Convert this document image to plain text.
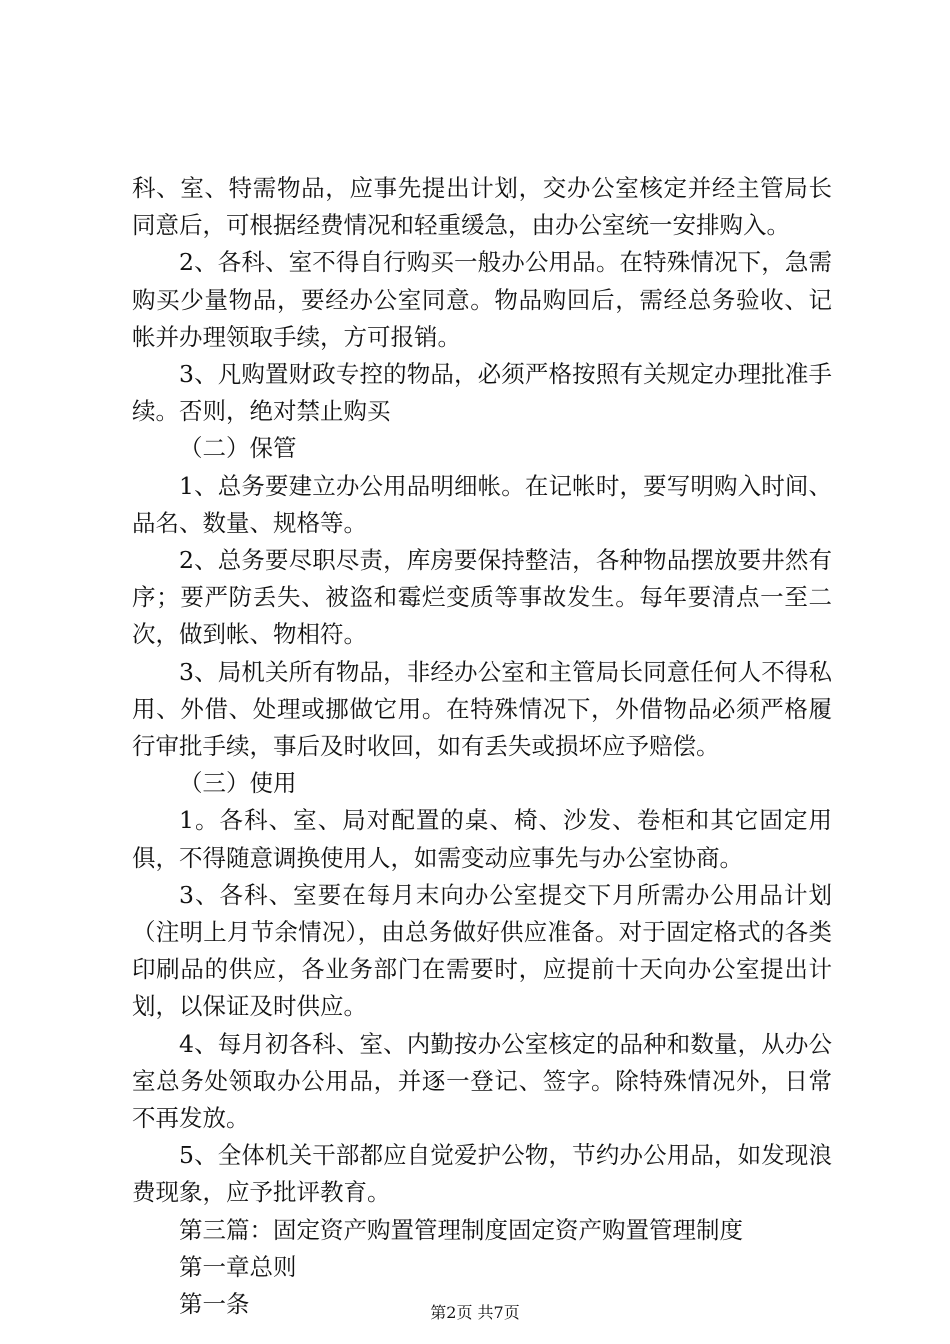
科、室、特需物品，应事先提出计划，交办公室核定并经主管局长同意后，可根据经费情况和轻重缓急，由办公室统一安排购入。

2、各科、室不得自行购买一般办公用品。在特殊情况下，急需购买少量物品，要经办公室同意。物品购回后，需经总务验收、记帐并办理领取手续，方可报销。

3、凡购置财政专控的物品，必须严格按照有关规定办理批准手续。否则，绝对禁止购买

（二）保管

1、总务要建立办公用品明细帐。在记帐时，要写明购入时间、品名、数量、规格等。

2、总务要尽职尽责，库房要保持整洁，各种物品摆放要井然有序；要严防丢失、被盗和霉烂变质等事故发生。每年要清点一至二次，做到帐、物相符。

3、局机关所有物品，非经办公室和主管局长同意任何人不得私用、外借、处理或挪做它用。在特殊情况下，外借物品必须严格履行审批手续，事后及时收回，如有丢失或损坏应予赔偿。

（三）使用

1。各科、室、局对配置的桌、椅、沙发、卷柜和其它固定用俱，不得随意调换使用人，如需变动应事先与办公室协商。

3、各科、室要在每月末向办公室提交下月所需办公用品计划（注明上月节余情况），由总务做好供应准备。对于固定格式的各类印刷品的供应，各业务部门在需要时，应提前十天向办公室提出计划，以保证及时供应。

4、每月初各科、室、内勤按办公室核定的品种和数量，从办公室总务处领取办公用品，并逐一登记、签字。除特殊情况外，日常不再发放。

5、全体机关干部都应自觉爱护公物，节约办公用品，如发现浪费现象，应予批评教育。

第三篇：固定资产购置管理制度固定资产购置管理制度

第一章总则

第一条	第2页 共7页
